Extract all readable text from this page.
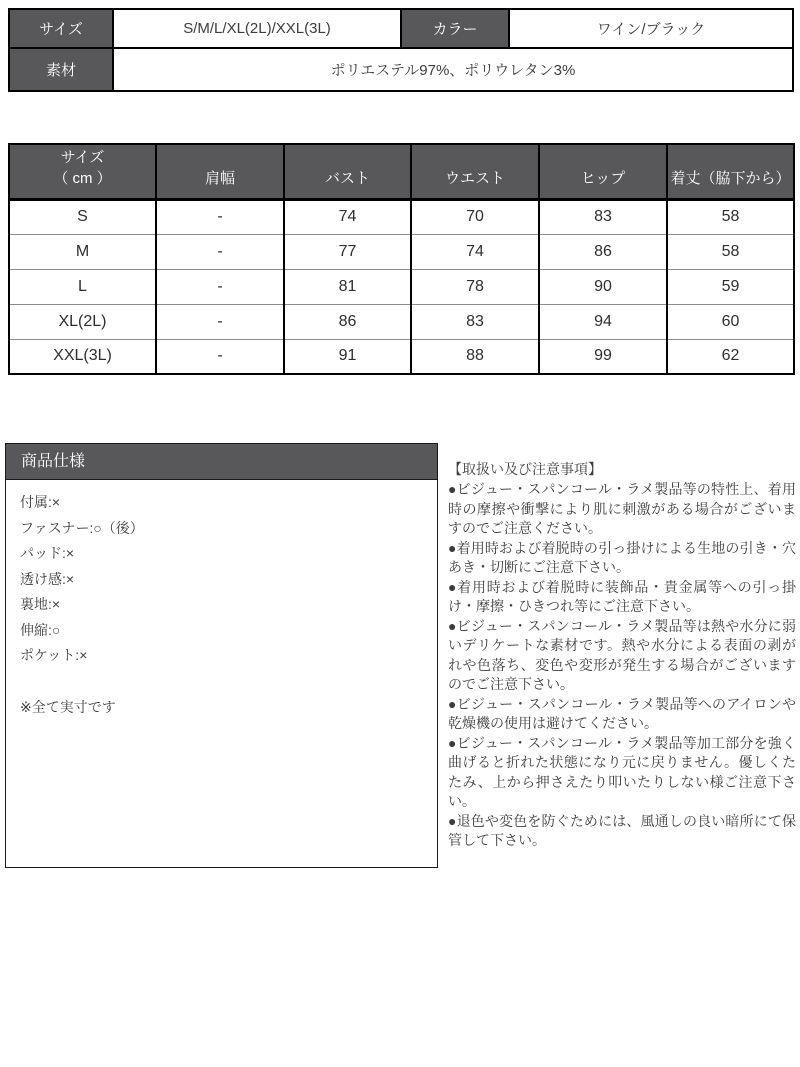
サイズ	S/M/L/XL(2L)/XXL(3L)	カラー	ワイン/ブラック
素材	ポリエステル97%、ポリウレタン3%		
サイズ
（ cm ）	肩幅	バスト	ウエスト	ヒップ	着丈（脇下から）
S	-	74	70	83	58
M	-	77	74	86	58
L	-	81	78	90	59
XL(2L)	-	86	83	94	60
XXL(3L)	-	91	88	99	62
商品仕様
付属:×
ファスナー:○（後）
パッド:×
透け感:×
裏地:×
伸縮:○
ポケット:×
※全て実寸です

【取扱い及び注意事項】

●ビジュー・スパンコール・ラメ製品等の特性上、着用時の摩擦や衝撃により肌に刺激がある場合がございますのでご注意ください。

●着用時および着脱時の引っ掛けによる生地の引き・穴あき・切断にご注意下さい。

●着用時および着脱時に装飾品・貴金属等への引っ掛け・摩擦・ひきつれ等にご注意下さい。

●ビジュー・スパンコール・ラメ製品等は熱や水分に弱いデリケートな素材です。熱や水分による表面の剥がれや色落ち、変色や変形が発生する場合がございますのでご注意下さい。

●ビジュー・スパンコール・ラメ製品等へのアイロンや乾燥機の使用は避けてください。

●ビジュー・スパンコール・ラメ製品等加工部分を強く曲げると折れた状態になり元に戻りません。優しくたたみ、上から押さえたり叩いたりしない様ご注意下さい。

●退色や変色を防ぐためには、風通しの良い暗所にて保管して下さい。
